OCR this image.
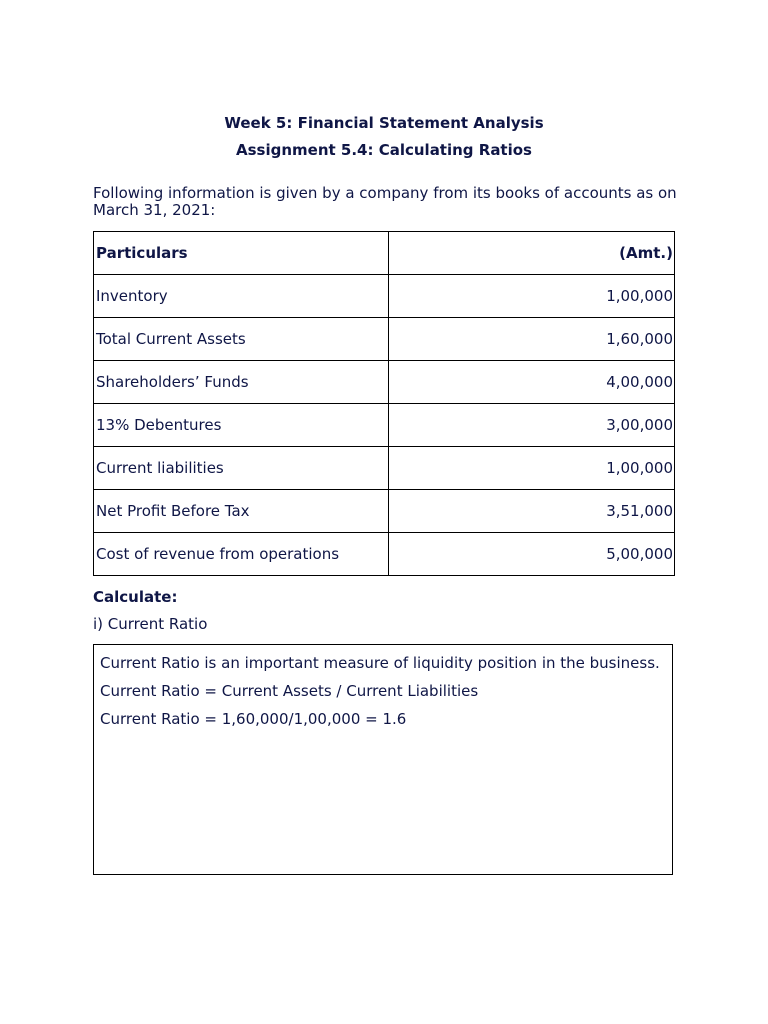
Week 5: Financial Statement Analysis
Assignment 5.4: Calculating Ratios

Following information is given by a company from its books of accounts as on March 31, 2021:

Particulars	(Amt.)
Inventory	1,00,000
Total Current Assets	1,60,000
Shareholders’ Funds	4,00,000
13% Debentures	3,00,000
Current liabilities	1,00,000
Net Profit Before Tax	3,51,000
Cost of revenue from operations	5,00,000

Calculate:

i) Current Ratio

Current Ratio is an important measure of liquidity position in the business.

Current Ratio = Current Assets / Current Liabilities

Current Ratio = 1,60,000/1,00,000 = 1.6
